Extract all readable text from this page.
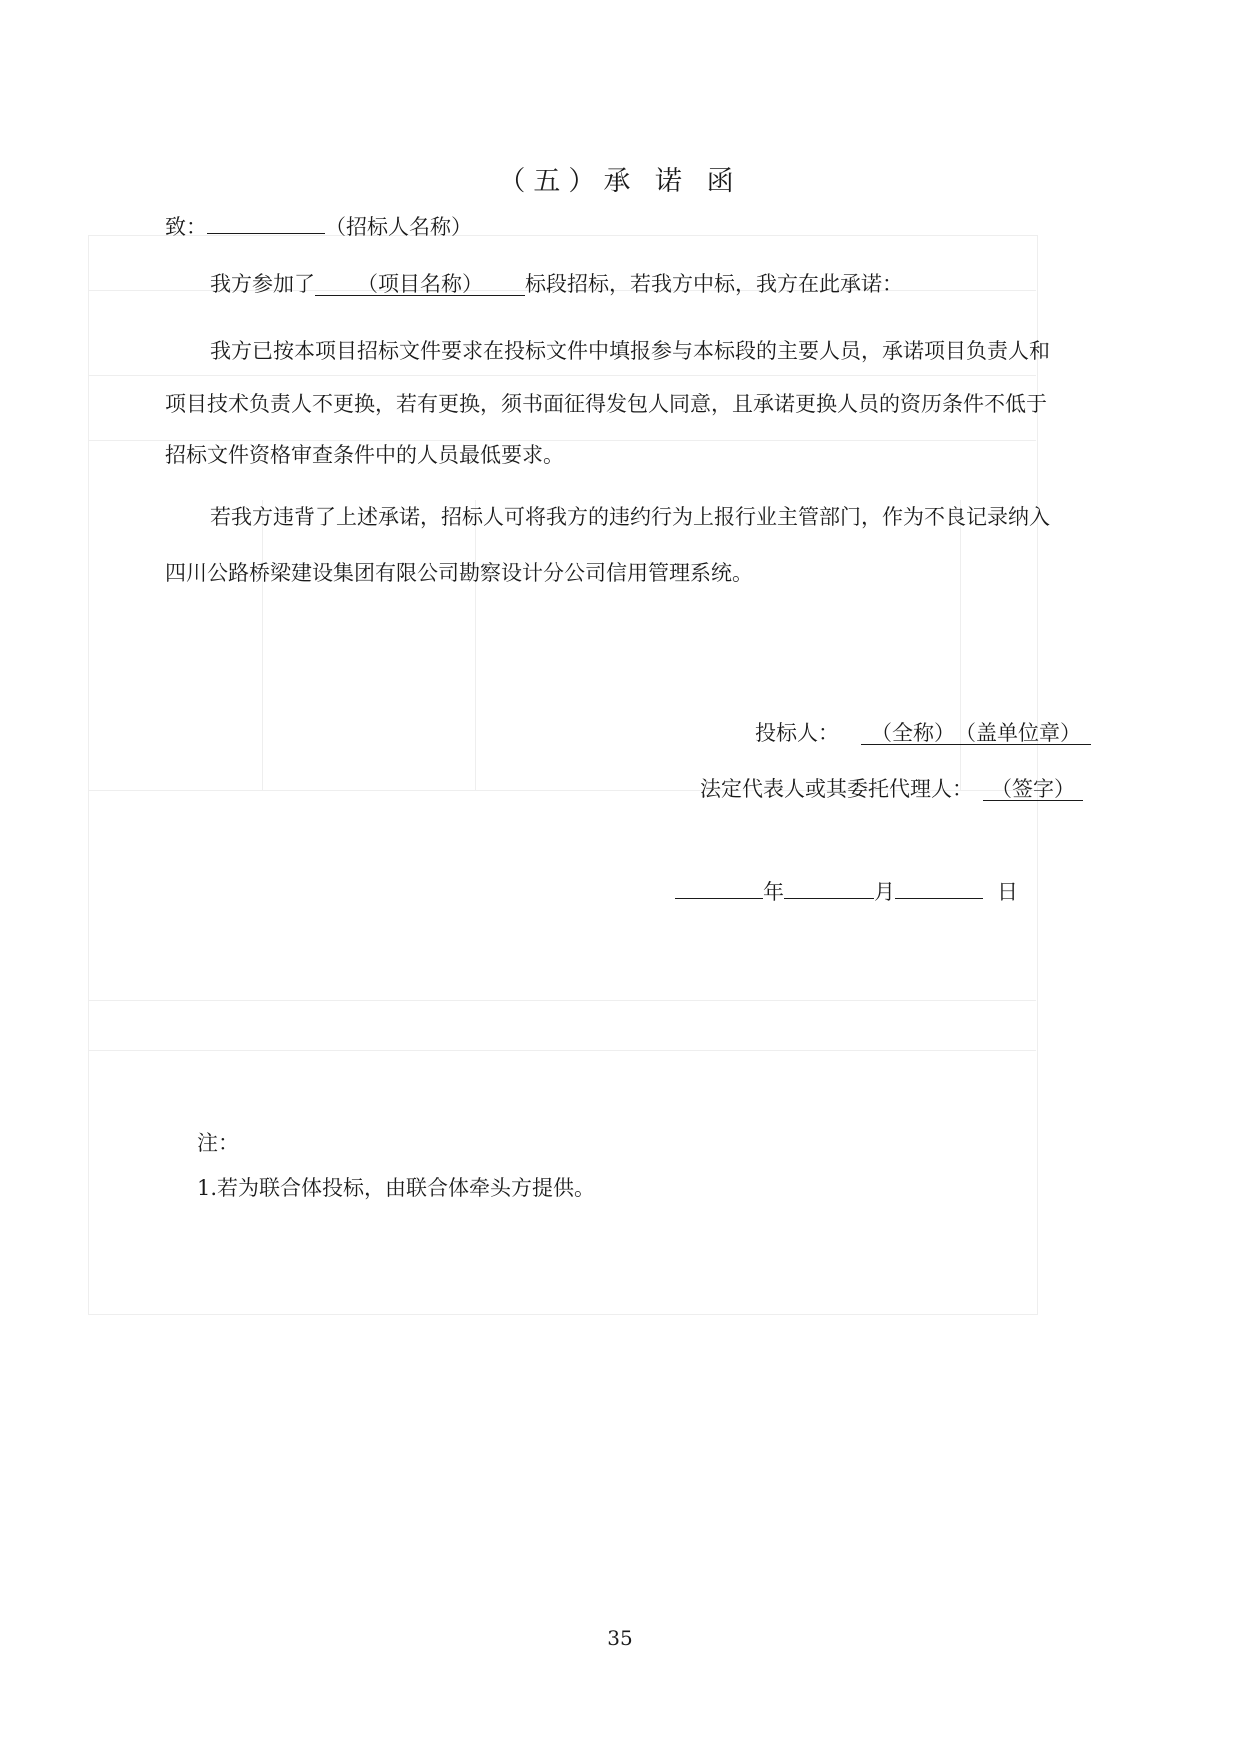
（五）承 诺 函
致：	（招标人名称）
我方参加了 （项目名称） 标段招标，若我方中标，我方在此承诺：
我方已按本项目招标文件要求在投标文件中填报参与本标段的主要人员，承诺项目负责人和
项目技术负责人不更换，若有更换，须书面征得发包人同意，且承诺更换人员的资历条件不低于
招标文件资格审查条件中的人员最低要求。
若我方违背了上述承诺，招标人可将我方的违约行为上报行业主管部门，作为不良记录纳入
四川公路桥梁建设集团有限公司勘察设计分公司信用管理系统。
投标人： （全称）　（盖单位章）
法定代表人或其委托代理人： （签字）
年	月	日
注：
1.若为联合体投标，由联合体牵头方提供。
35
